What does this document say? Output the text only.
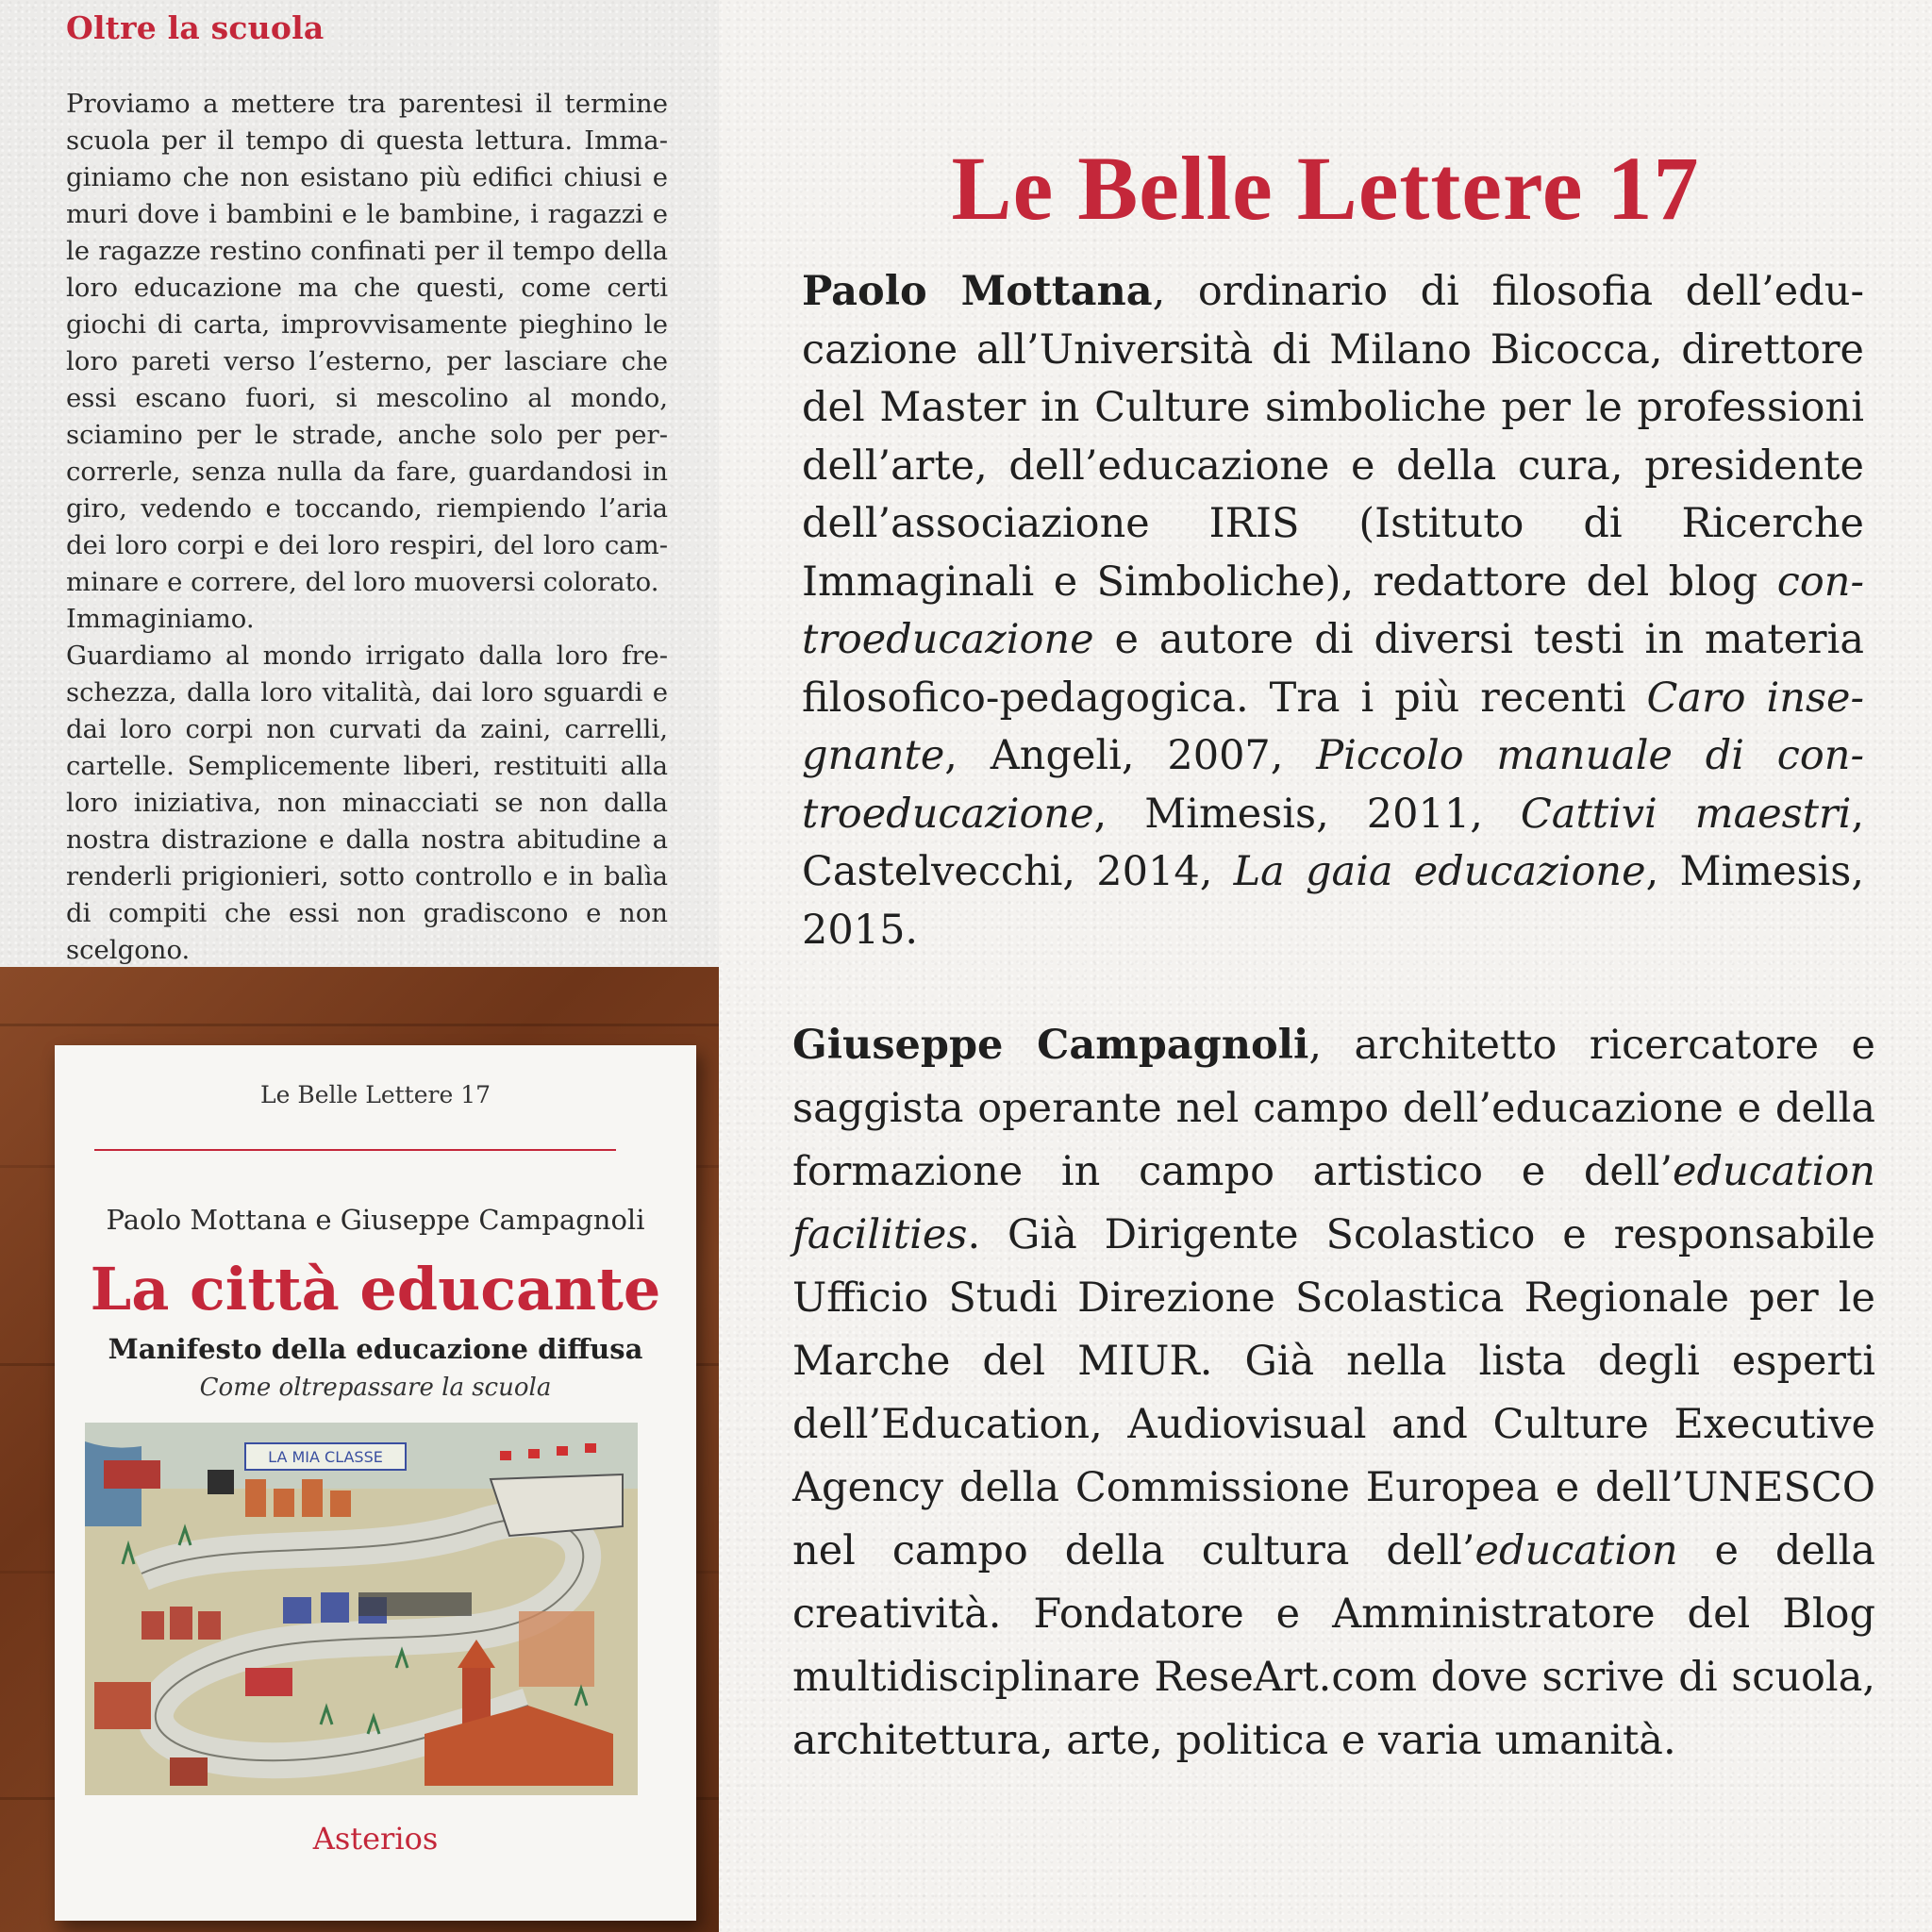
Oltre la scuola

Proviamo a mettere tra parentesi il termine scuola per il tempo di questa lettura. Immaginiamo che non esistano più edifici chiusi e muri dove i bambini e le bambine, i ragazzi e le ragazze restino confinati per il tempo della loro educazione ma che questi, come certi giochi di carta, improvvisamente pieghino le loro pareti verso l’esterno, per lasciare che essi escano fuori, si mescolino al mondo, sciamino per le strade, anche solo per percorrerle, senza nulla da fare, guardandosi in giro, vedendo e toccando, riempiendo l’aria dei loro corpi e dei loro respiri, del loro camminare e correre, del loro muoversi colorato.

Immaginiamo.

Guardiamo al mondo irrigato dalla loro freschezza, dalla loro vitalità, dai loro sguardi e dai loro corpi non curvati da zaini, carrelli, cartelle. Semplicemente liberi, restituiti alla loro iniziativa, non minacciati se non dalla nostra distrazione e dalla nostra abitudine a renderli prigionieri, sotto controllo e in balìa di compiti che essi non gradiscono e non scelgono.

Le Belle Lettere 17
Paolo Mottana e Giuseppe Campagnoli
La città educante
Manifesto della educazione diffusa
Come oltrepassare la scuola
LA MIA CLASSE
Asterios
Le Belle Lettere 17

Paolo Mottana, ordinario di filosofia dell’educazione all’Università di Milano Bicocca, direttore del Master in Culture simboliche per le professioni dell’arte, dell’educazione e della cura, presidente dell’associazione IRIS (Istituto di Ricerche Immaginali e Simboliche), redattore del blog controeducazione e autore di diversi testi in materia filosofico-pedagogica. Tra i più recenti Caro insegnante, Angeli, 2007, Piccolo manuale di controeducazione, Mimesis, 2011, Cattivi maestri, Castelvecchi, 2014, La gaia educazione, Mimesis, 2015.

Giuseppe Campagnoli, architetto ricercatore e saggista operante nel campo dell’educazione e della formazione in campo artistico e dell’education facilities. Già Dirigente Scolastico e responsabile Ufficio Studi Direzione Scolastica Regionale per le Marche del MIUR. Già nella lista degli esperti dell’Education, Audiovisual and Culture Executive Agency della Commissione Europea e dell’UNESCO nel campo della cultura dell’education e della creatività. Fondatore e Amministratore del Blog multidisciplinare ReseArt.com dove scrive di scuola, architettura, arte, politica e varia umanità.
